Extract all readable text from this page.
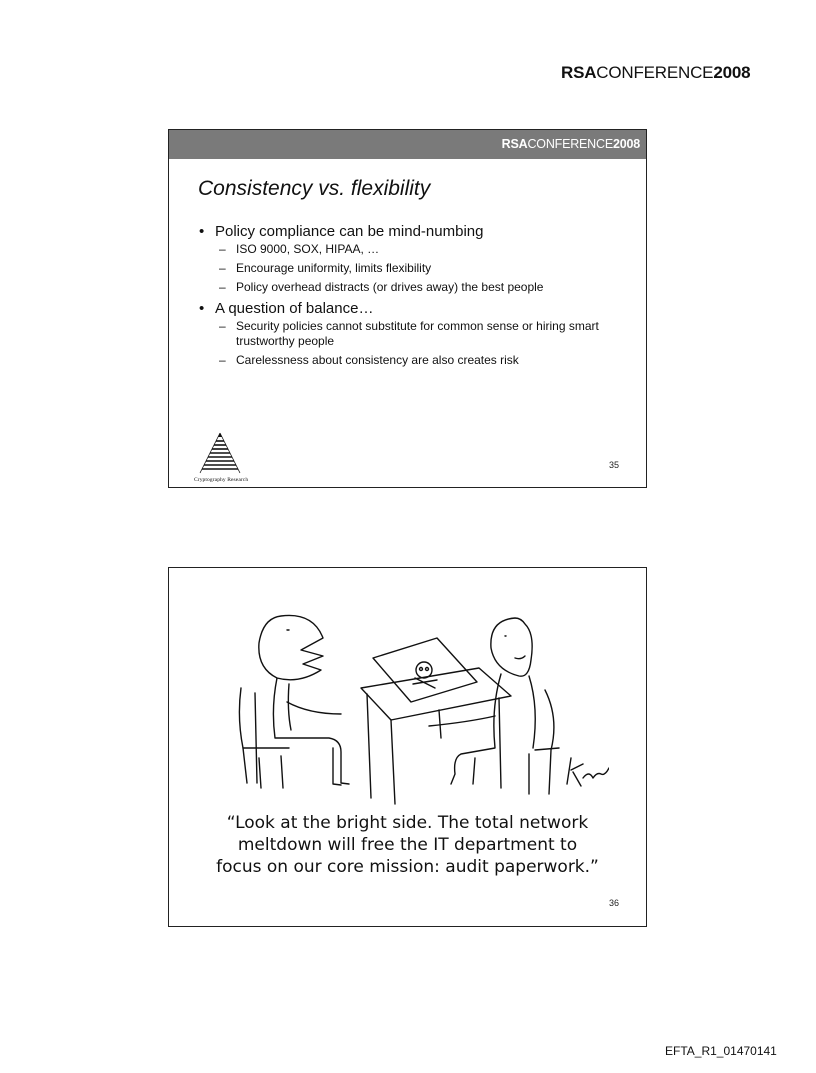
RSACONFERENCE2008
RSACONFERENCE2008
Consistency vs. flexibility
• Policy compliance can be mind-numbing
– ISO 9000, SOX, HIPAA, …
– Encourage uniformity, limits flexibility
– Policy overhead distracts (or drives away) the best people
• A question of balance…
– Security policies cannot substitute for common sense or hiring smart trustworthy people
– Carelessness about consistency are also creates risk
Cryptography Research
35

“Look at the bright side. The total network
meltdown will free the IT department to
focus on our core mission: audit paperwork.”

36
EFTA_R1_01470141
